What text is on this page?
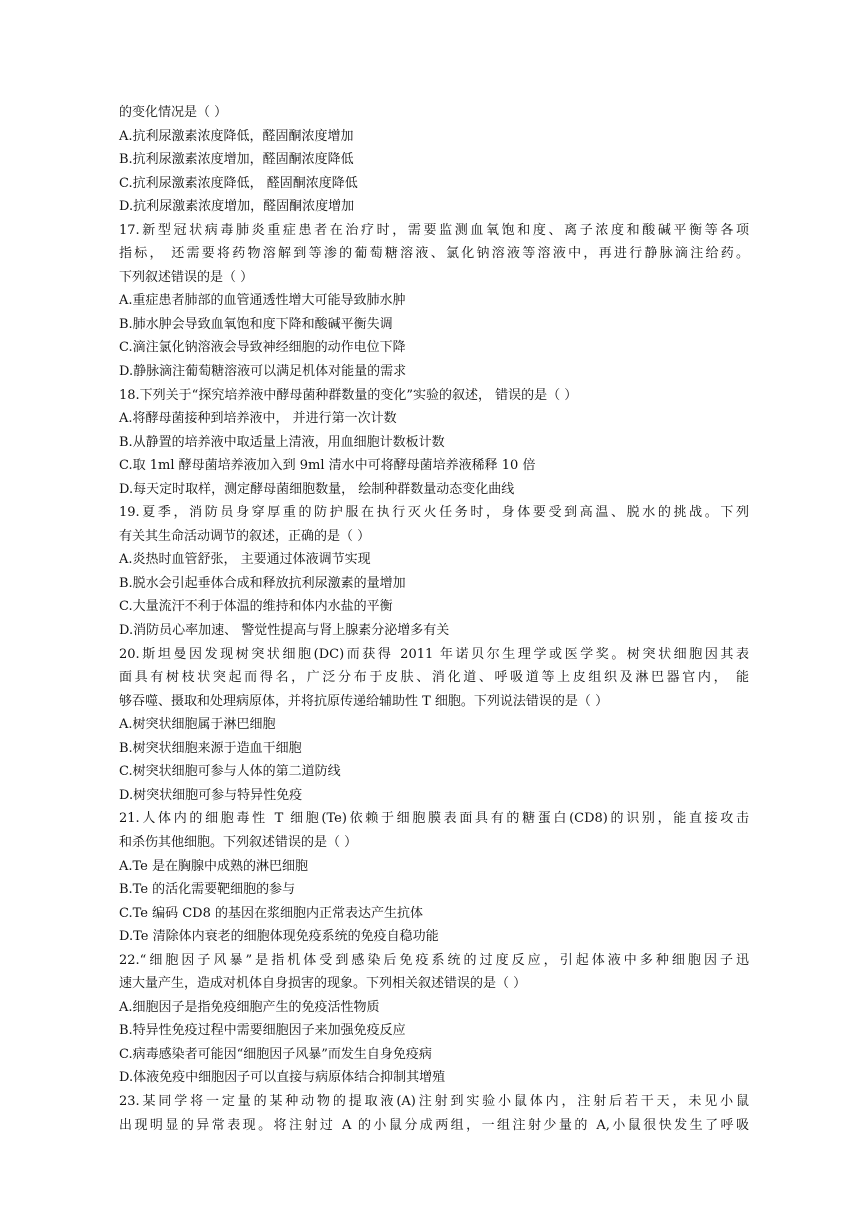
的变化情况是（ ）
A.抗利尿激素浓度降低，醛固酮浓度增加
B.抗利尿激素浓度增加，醛固酮浓度降低
C.抗利尿激素浓度降低， 醛固酮浓度降低
D.抗利尿激素浓度增加，醛固酮浓度增加
17.新型冠状病毒肺炎重症患者在治疗时，需要监测血氧饱和度、离子浓度和酸碱平衡等各项
指标， 还需要将药物溶解到等渗的葡萄糖溶液、氯化钠溶液等溶液中，再进行静脉滴注给药。
下列叙述错误的是（ ）
A.重症患者肺部的血管通透性增大可能导致肺水肿
B.肺水肿会导致血氧饱和度下降和酸碱平衡失调
C.滴注氯化钠溶液会导致神经细胞的动作电位下降
D.静脉滴注葡萄糖溶液可以满足机体对能量的需求
18.下列关于“探究培养液中酵母菌种群数量的变化”实验的叙述， 错误的是（ ）
A.将酵母菌接种到培养液中， 并进行第一次计数
B.从静置的培养液中取适量上清液，用血细胞计数板计数
C.取 1ml 酵母菌培养液加入到 9ml 清水中可将酵母菌培养液稀释 10 倍
D.每天定时取样，测定酵母菌细胞数量， 绘制种群数量动态变化曲线
19.夏季，消防员身穿厚重的防护服在执行灭火任务时，身体要受到高温、脱水的挑战。下列
有关其生命活动调节的叙述，正确的是（ ）
A.炎热时血管舒张， 主要通过体液调节实现
B.脱水会引起垂体合成和释放抗利尿激素的量增加
C.大量流汗不利于体温的维持和体内水盐的平衡
D.消防员心率加速、 警觉性提高与肾上腺素分泌增多有关
20.斯坦曼因发现树突状细胞(DC)而获得 2011 年诺贝尔生理学或医学奖。树突状细胞因其表
面具有树枝状突起而得名，广泛分布于皮肤、消化道、呼吸道等上皮组织及淋巴器官内， 能
够吞噬、摄取和处理病原体，并将抗原传递给辅助性 T 细胞。下列说法错误的是（ ）
A.树突状细胞属于淋巴细胞
B.树突状细胞来源于造血干细胞
C.树突状细胞可参与人体的第二道防线
D.树突状细胞可参与特异性免疫
21.人体内的细胞毒性 T 细胞(Te)依赖于细胞膜表面具有的糖蛋白(CD8)的识别，能直接攻击
和杀伤其他细胞。下列叙述错误的是（ ）
A.Te 是在胸腺中成熟的淋巴细胞
B.Te 的活化需要靶细胞的参与
C.Te 编码 CD8 的基因在浆细胞内正常表达产生抗体
D.Te 清除体内衰老的细胞体现免疫系统的免疫自稳功能
22.“细胞因子风暴”是指机体受到感染后免疫系统的过度反应，引起体液中多种细胞因子迅
速大量产生，造成对机体自身损害的现象。下列相关叙述错误的是（ ）
A.细胞因子是指免疫细胞产生的免疫活性物质
B.特异性免疫过程中需要细胞因子来加强免疫反应
C.病毒感染者可能因“细胞因子风暴”而发生自身免疫病
D.体液免疫中细胞因子可以直接与病原体结合抑制其增殖
23.某同学将一定量的某种动物的提取液(A)注射到实验小鼠体内，注射后若干天，未见小鼠
出现明显的异常表现。将注射过 A 的小鼠分成两组，一组注射少量的 A,小鼠很快发生了呼吸
